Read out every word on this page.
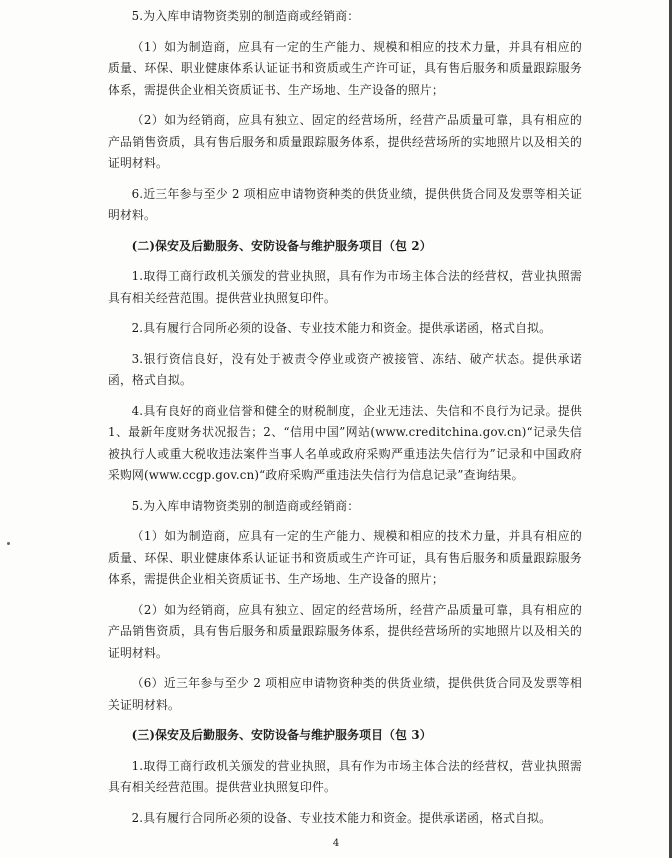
5.为入库申请物资类别的制造商或经销商：

（1）如为制造商，应具有一定的生产能力、规模和相应的技术力量，并具有相应的质量、环保、职业健康体系认证证书和资质或生产许可证，具有售后服务和质量跟踪服务体系，需提供企业相关资质证书、生产场地、生产设备的照片；

（2）如为经销商，应具有独立、固定的经营场所，经营产品质量可靠，具有相应的产品销售资质，具有售后服务和质量跟踪服务体系，提供经营场所的实地照片以及相关的证明材料。

6.近三年参与至少 2 项相应申请物资种类的供货业绩，提供供货合同及发票等相关证明材料。

(二)保安及后勤服务、安防设备与维护服务项目（包 2）

1.取得工商行政机关颁发的营业执照，具有作为市场主体合法的经营权，营业执照需具有相关经营范围。提供营业执照复印件。

2.具有履行合同所必须的设备、专业技术能力和资金。提供承诺函，格式自拟。

3.银行资信良好，没有处于被责令停业或资产被接管、冻结、破产状态。提供承诺函，格式自拟。

4.具有良好的商业信誉和健全的财税制度，企业无违法、失信和不良行为记录。提供 1、最新年度财务状况报告；2、“信用中国”网站(www.creditchina.gov.cn)“记录失信被执行人或重大税收违法案件当事人名单或政府采购严重违法失信行为”记录和中国政府采购网(www.ccgp.gov.cn)“政府采购严重违法失信行为信息记录”查询结果。

5.为入库申请物资类别的制造商或经销商：

（1）如为制造商，应具有一定的生产能力、规模和相应的技术力量，并具有相应的质量、环保、职业健康体系认证证书和资质或生产许可证，具有售后服务和质量跟踪服务体系，需提供企业相关资质证书、生产场地、生产设备的照片；

（2）如为经销商，应具有独立、固定的经营场所，经营产品质量可靠，具有相应的产品销售资质，具有售后服务和质量跟踪服务体系，提供经营场所的实地照片以及相关的证明材料。

（6）近三年参与至少 2 项相应申请物资种类的供货业绩，提供供货合同及发票等相关证明材料。

(三)保安及后勤服务、安防设备与维护服务项目（包 3）

1.取得工商行政机关颁发的营业执照，具有作为市场主体合法的经营权，营业执照需具有相关经营范围。提供营业执照复印件。

2.具有履行合同所必须的设备、专业技术能力和资金。提供承诺函，格式自拟。

4
